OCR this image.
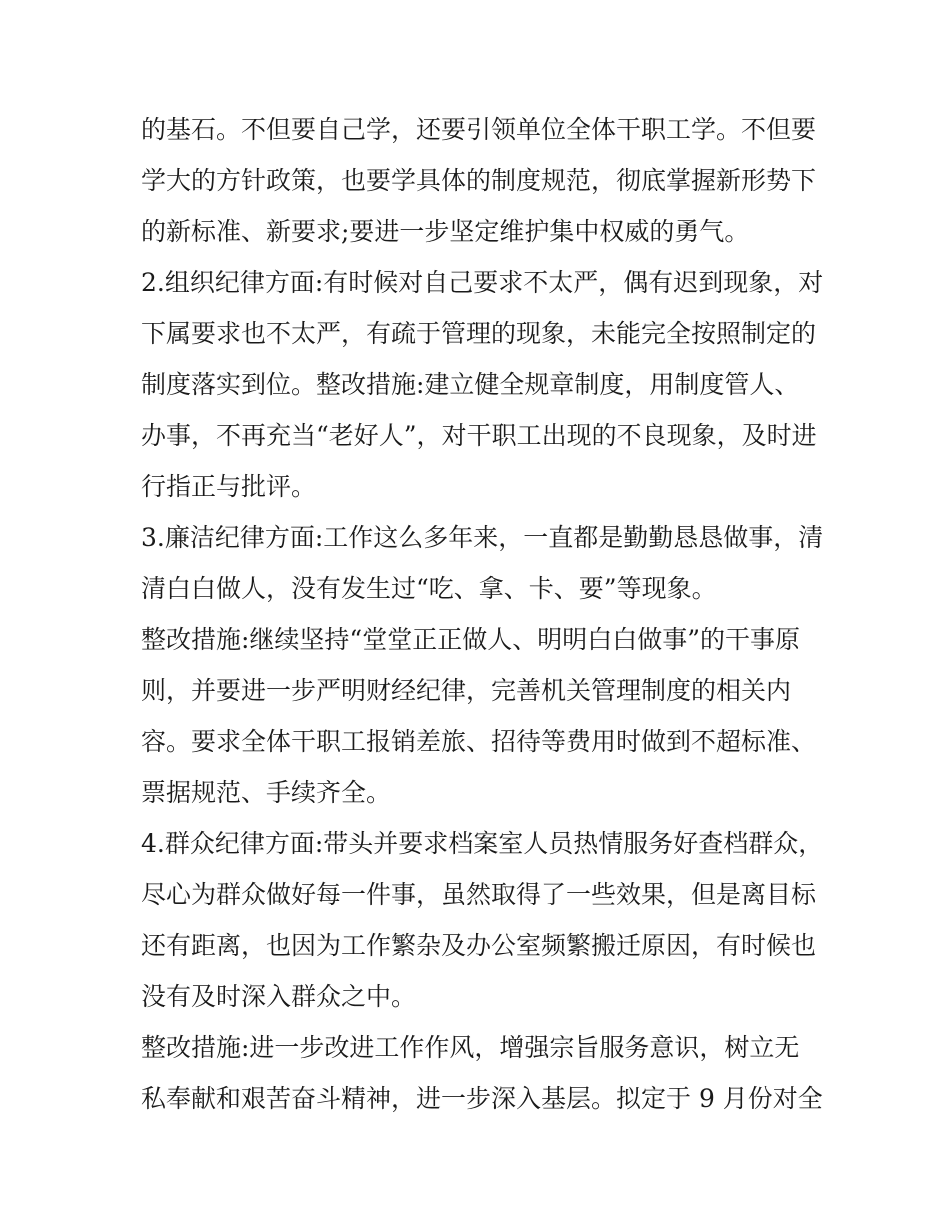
的基石。不但要自己学，还要引领单位全体干职工学。不但要
学大的方针政策，也要学具体的制度规范，彻底掌握新形势下
的新标准、新要求;要进一步坚定维护集中权威的勇气。
2.组织纪律方面:有时候对自己要求不太严，偶有迟到现象，对
下属要求也不太严，有疏于管理的现象，未能完全按照制定的
制度落实到位。整改措施:建立健全规章制度，用制度管人、
办事，不再充当“老好人”，对干职工出现的不良现象，及时进
行指正与批评。
3.廉洁纪律方面:工作这么多年来，一直都是勤勤恳恳做事，清
清白白做人，没有发生过“吃、拿、卡、要”等现象。
整改措施:继续坚持“堂堂正正做人、明明白白做事”的干事原
则，并要进一步严明财经纪律，完善机关管理制度的相关内
容。要求全体干职工报销差旅、招待等费用时做到不超标准、
票据规范、手续齐全。
4.群众纪律方面:带头并要求档案室人员热情服务好查档群众，
尽心为群众做好每一件事，虽然取得了一些效果，但是离目标
还有距离，也因为工作繁杂及办公室频繁搬迁原因，有时候也
没有及时深入群众之中。
整改措施:进一步改进工作作风，增强宗旨服务意识，树立无
私奉献和艰苦奋斗精神，进一步深入基层。拟定于 9 月份对全
